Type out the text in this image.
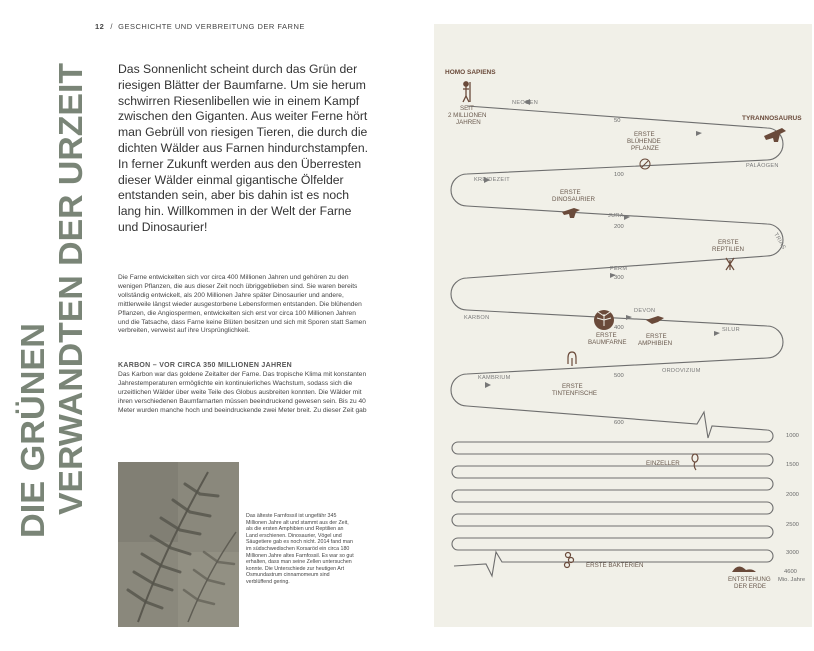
12 / GESCHICHTE UND VERBREITUNG DER FARNE
DIE GRÜNEN VERWANDTEN DER URZEIT

Das Sonnenlicht scheint durch das Grün der riesigen Blätter der Baumfarne. Um sie herum schwirren Riesenlibellen wie in einem Kampf zwischen den Giganten. Aus weiter Ferne hört man Gebrüll von riesigen Tieren, die durch die dichten Wälder aus Farnen hindurchstampfen. In ferner Zukunft werden aus den Überresten dieser Wälder einmal gigantische Ölfelder entstanden sein, aber bis dahin ist es noch lang hin. Willkommen in der Welt der Farne und Dinosaurier!

Die Farne entwickelten sich vor circa 400 Millionen Jahren und gehören zu den wenigen Pflanzen, die aus dieser Zeit noch übriggeblieben sind. Sie waren bereits vollständig entwickelt, als 200 Millionen Jahre später Dinosaurier und andere, mittlerweile längst wieder ausgestorbene Lebensformen entstanden. Die blühenden Pflanzen, die Angiospermen, entwickelten sich erst vor circa 100 Millionen Jahren und die Tatsache, dass Farne keine Blüten besitzen und sich mit Sporen statt Samen verbreiten, verweist auf ihre Ursprünglichkeit.

KARBON – VOR CIRCA 350 MILLIONEN JAHREN

Das Karbon war das goldene Zeitalter der Farne. Das tropische Klima mit konstanten Jahrestemperaturen ermöglichte ein kontinuierliches Wachstum, sodass sich die urzeitlichen Wälder über weite Teile des Globus ausbreiten konnten. Die Wälder mit ihren verschiedenen Baumfarnarten müssen beeindruckend gewesen sein. Bis zu 40 Meter wurden manche hoch und beeindruckende zwei Meter breit. Zu dieser Zeit gab

Das älteste Farnfossil ist ungefähr 345 Millionen Jahre alt und stammt aus der Zeit, als die ersten Amphibien und Reptilien an Land erschienen. Dinosaurier, Vögel und Säugetiere gab es noch nicht. 2014 fand man im südschwedischen Korsaröd ein circa 180 Millionen Jahre altes Farnfossil. Es war so gut erhalten, dass man seine Zellen untersuchen konnte. Die Unterschiede zur heutigen Art Osmundastrum cinnamomeum sind verblüffend gering.

HOMO SAPIENS
SEIT
2 MILLIONEN
JAHREN
NEOGEN
50	TYRANNOSAURUS
ERSTE
BLÜHENDE
PFLANZE
PALÄOGEN
100
KREIDEZEIT
ERSTE
DINOSAURIER
JURA
200
TRIAS
ERSTE
REPTILIEN
PERM
300
DEVON
KARBON
400	SILUR
ERSTE
BAUMFARNE
ERSTE
AMPHIBIEN
ORDOVIZIUM
500
KAMBRIUM
ERSTE
TINTENFISCHE
600
1000
EINZELLER	1500
2000
2500
3000
ERSTE BAKTERIEN
ENTSTEHUNG
DER ERDE
4600
Mio. Jahre
